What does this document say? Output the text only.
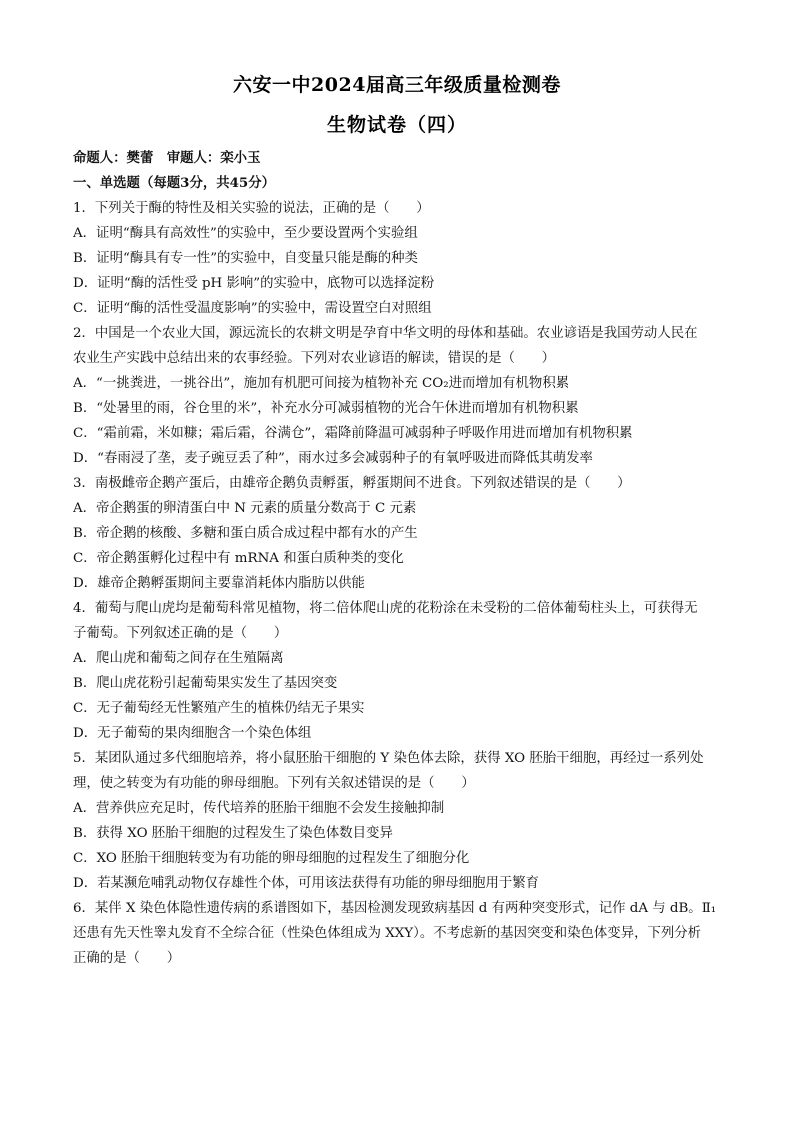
六安一中2024届高三年级质量检测卷
生物试卷（四）
命题人：樊蕾　审题人：栾小玉
一、单选题（每题3分，共45分）
1．下列关于酶的特性及相关实验的说法，正确的是（　　）
A．证明“酶具有高效性”的实验中，至少要设置两个实验组
B．证明“酶具有专一性”的实验中，自变量只能是酶的种类
D．证明“酶的活性受 pH 影响”的实验中，底物可以选择淀粉
C．证明“酶的活性受温度影响”的实验中，需设置空白对照组
2．中国是一个农业大国，源远流长的农耕文明是孕育中华文明的母体和基础。农业谚语是我国劳动人民在
农业生产实践中总结出来的农事经验。下列对农业谚语的解读，错误的是（　　）
A．“一挑粪进，一挑谷出”，施加有机肥可间接为植物补充 CO₂进而增加有机物积累
B．“处暑里的雨，谷仓里的米”，补充水分可减弱植物的光合午休进而增加有机物积累
C．“霜前霜，米如糠；霜后霜，谷满仓”，霜降前降温可减弱种子呼吸作用进而增加有机物积累
D．“春雨浸了垄，麦子豌豆丢了种”，雨水过多会减弱种子的有氧呼吸进而降低其萌发率
3．南极雌帝企鹅产蛋后，由雄帝企鹅负责孵蛋，孵蛋期间不进食。下列叙述错误的是（　　）
A．帝企鹅蛋的卵清蛋白中 N 元素的质量分数高于 C 元素
B．帝企鹅的核酸、多糖和蛋白质合成过程中都有水的产生
C．帝企鹅蛋孵化过程中有 mRNA 和蛋白质种类的变化
D．雄帝企鹅孵蛋期间主要靠消耗体内脂肪以供能
4．葡萄与爬山虎均是葡萄科常见植物，将二倍体爬山虎的花粉涂在未受粉的二倍体葡萄柱头上，可获得无
子葡萄。下列叙述正确的是（　　）
A．爬山虎和葡萄之间存在生殖隔离
B．爬山虎花粉引起葡萄果实发生了基因突变
C．无子葡萄经无性繁殖产生的植株仍结无子果实
D．无子葡萄的果肉细胞含一个染色体组
5．某团队通过多代细胞培养，将小鼠胚胎干细胞的 Y 染色体去除，获得 XO 胚胎干细胞，再经过一系列处
理，使之转变为有功能的卵母细胞。下列有关叙述错误的是（　　）
A．营养供应充足时，传代培养的胚胎干细胞不会发生接触抑制
B．获得 XO 胚胎干细胞的过程发生了染色体数目变异
C．XO 胚胎干细胞转变为有功能的卵母细胞的过程发生了细胞分化
D．若某濒危哺乳动物仅存雄性个体，可用该法获得有功能的卵母细胞用于繁育
6．某伴 X 染色体隐性遗传病的系谱图如下，基因检测发现致病基因 d 有两种突变形式，记作 dA 与 dB。Ⅱ₁
还患有先天性睾丸发育不全综合征（性染色体组成为 XXY）。不考虑新的基因突变和染色体变异，下列分析
正确的是（　　）
